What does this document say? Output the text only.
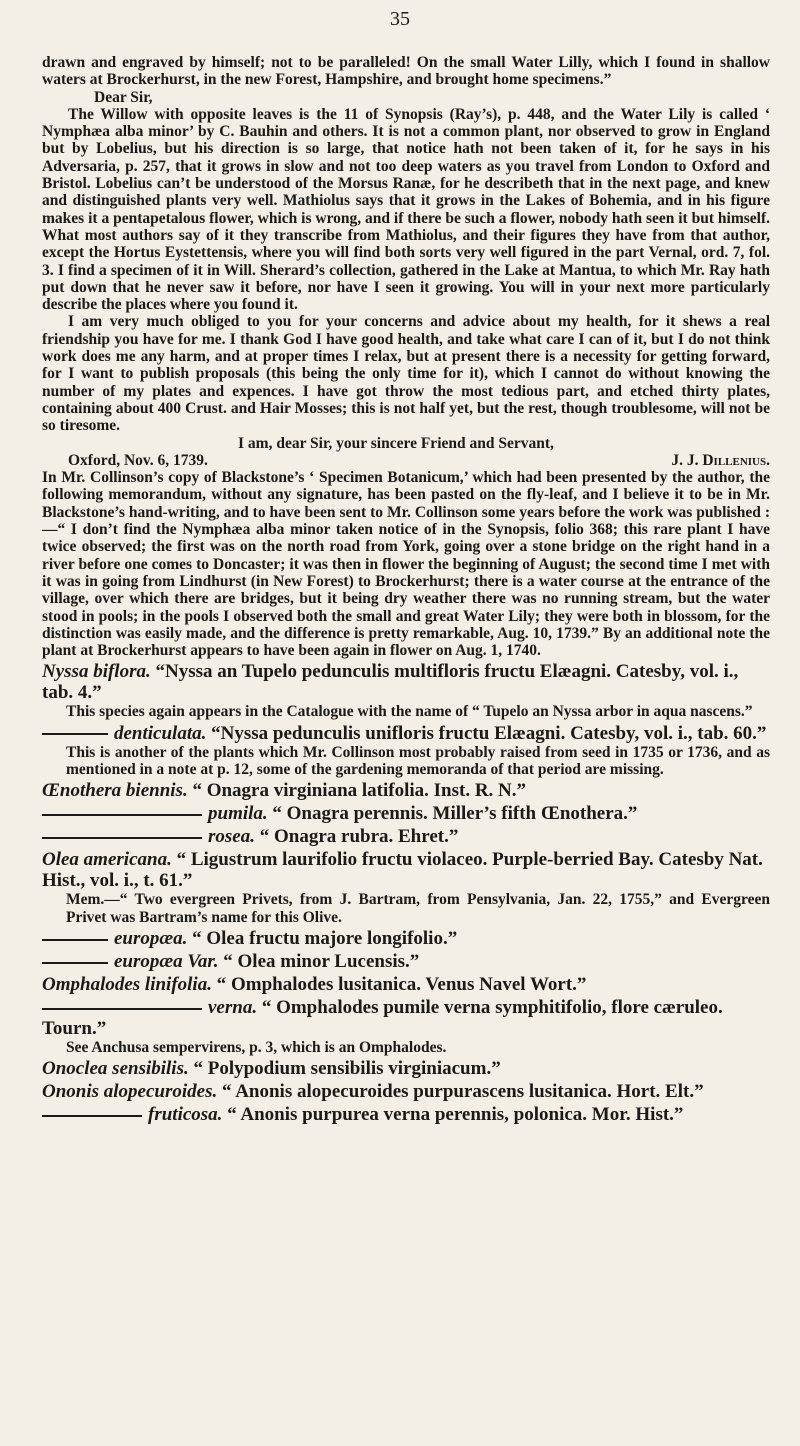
35

drawn and engraved by himself; not to be paralleled! On the small Water Lilly, which I found in shallow waters at Brockerhurst, in the new Forest, Hampshire, and brought home specimens.”

Dear Sir,

The Willow with opposite leaves is the 11 of Synopsis (Ray’s), p. 448, and the Water Lily is called ‘ Nymphæa alba minor’ by C. Bauhin and others. It is not a common plant, nor observed to grow in England but by Lobelius, but his direction is so large, that notice hath not been taken of it, for he says in his Adversaria, p. 257, that it grows in slow and not too deep waters as you travel from London to Oxford and Bristol. Lobelius can’t be understood of the Morsus Ranæ, for he describeth that in the next page, and knew and distinguished plants very well. Mathiolus says that it grows in the Lakes of Bohemia, and in his figure makes it a pentapetalous flower, which is wrong, and if there be such a flower, nobody hath seen it but himself. What most authors say of it they transcribe from Mathiolus, and their figures they have from that author, except the Hortus Eystettensis, where you will find both sorts very well figured in the part Vernal, ord. 7, fol. 3. I find a specimen of it in Will. Sherard’s collection, gathered in the Lake at Mantua, to which Mr. Ray hath put down that he never saw it before, nor have I seen it growing. You will in your next more particularly describe the places where you found it.

I am very much obliged to you for your concerns and advice about my health, for it shews a real friendship you have for me. I thank God I have good health, and take what care I can of it, but I do not think work does me any harm, and at proper times I relax, but at present there is a necessity for getting forward, for I want to publish proposals (this being the only time for it), which I cannot do without knowing the number of my plates and expences. I have got throw the most tedious part, and etched thirty plates, containing about 400 Crust. and Hair Mosses; this is not half yet, but the rest, though troublesome, will not be so tiresome.

I am, dear Sir, your sincere Friend and Servant,

Oxford, Nov. 6, 1739.	J. J. Dillenius.

In Mr. Collinson’s copy of Blackstone’s ‘ Specimen Botanicum,’ which had been presented by the author, the following memorandum, without any signature, has been pasted on the fly-leaf, and I believe it to be in Mr. Blackstone’s hand-writing, and to have been sent to Mr. Collinson some years before the work was published :—“ I don’t find the Nymphæa alba minor taken notice of in the Synopsis, folio 368; this rare plant I have twice observed; the first was on the north road from York, going over a stone bridge on the right hand in a river before one comes to Doncaster; it was then in flower the beginning of August; the second time I met with it was in going from Lindhurst (in New Forest) to Brockerhurst; there is a water course at the entrance of the village, over which there are bridges, but it being dry weather there was no running stream, but the water stood in pools; in the pools I observed both the small and great Water Lily; they were both in blossom, for the distinction was easily made, and the difference is pretty remarkable, Aug. 10, 1739.” By an additional note the plant at Brockerhurst appears to have been again in flower on Aug. 1, 1740.

Nyssa biflora. “Nyssa an Tupelo pedunculis multifloris fructu Elæagni. Catesby, vol. i., tab. 4.”

This species again appears in the Catalogue with the name of “ Tupelo an Nyssa arbor in aqua nascens.”

denticulata. “Nyssa pedunculis unifloris fructu Elæagni. Catesby, vol. i., tab. 60.”

This is another of the plants which Mr. Collinson most probably raised from seed in 1735 or 1736, and as mentioned in a note at p. 12, some of the gardening memoranda of that period are missing.

Œnothera biennis. “ Onagra virginiana latifolia. Inst. R. N.”
pumila. “ Onagra perennis. Miller’s fifth Œnothera.”
rosea. “ Onagra rubra. Ehret.”
Olea americana. “ Ligustrum laurifolio fructu violaceo. Purple-berried Bay. Catesby Nat. Hist., vol. i., t. 61.”

Mem.—“ Two evergreen Privets, from J. Bartram, from Pensylvania, Jan. 22, 1755,” and Evergreen Privet was Bartram’s name for this Olive.

europæa. “ Olea fructu majore longifolio.”
europæa Var. “ Olea minor Lucensis.”
Omphalodes linifolia. “ Omphalodes lusitanica. Venus Navel Wort.”
verna. “ Omphalodes pumile verna symphitifolio, flore cæruleo. Tourn.”

See Anchusa sempervirens, p. 3, which is an Omphalodes.

Onoclea sensibilis. “ Polypodium sensibilis virginiacum.”
Ononis alopecuroides. “ Anonis alopecuroides purpurascens lusitanica. Hort. Elt.”
fruticosa. “ Anonis purpurea verna perennis, polonica. Mor. Hist.”
